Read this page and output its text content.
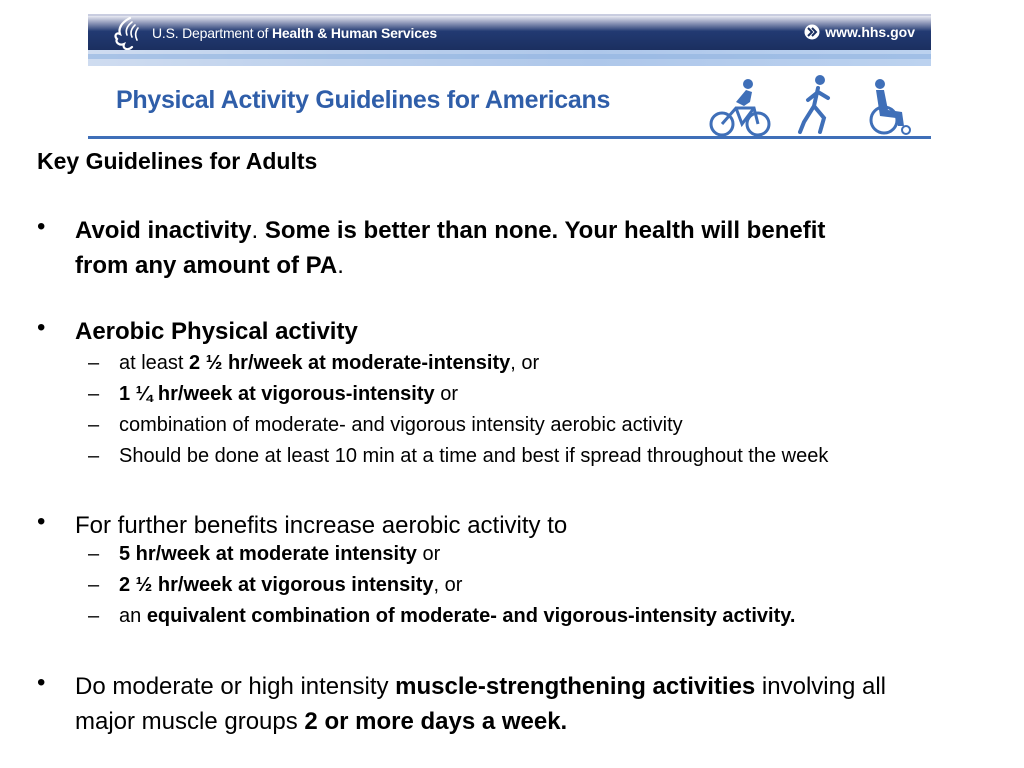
U.S. Department of Health & Human Services	www.hhs.gov
Physical Activity Guidelines for Americans
Key Guidelines for Adults
• Avoid inactivity. Some is better than none. Your health will benefit
from any amount of PA.
• Aerobic Physical activity
– at least 2 ½ hr/week at moderate-intensity, or
– 1 ¼ hr/week at vigorous-intensity or
– combination of moderate- and vigorous intensity aerobic activity
– Should be done at least 10 min at a time and best if spread throughout the week
• For further benefits increase aerobic activity to
– 5 hr/week at moderate intensity or
– 2 ½ hr/week at vigorous intensity, or
– an equivalent combination of moderate- and vigorous-intensity activity.
• Do moderate or high intensity muscle-strengthening activities involving all
major muscle groups 2 or more days a week.
